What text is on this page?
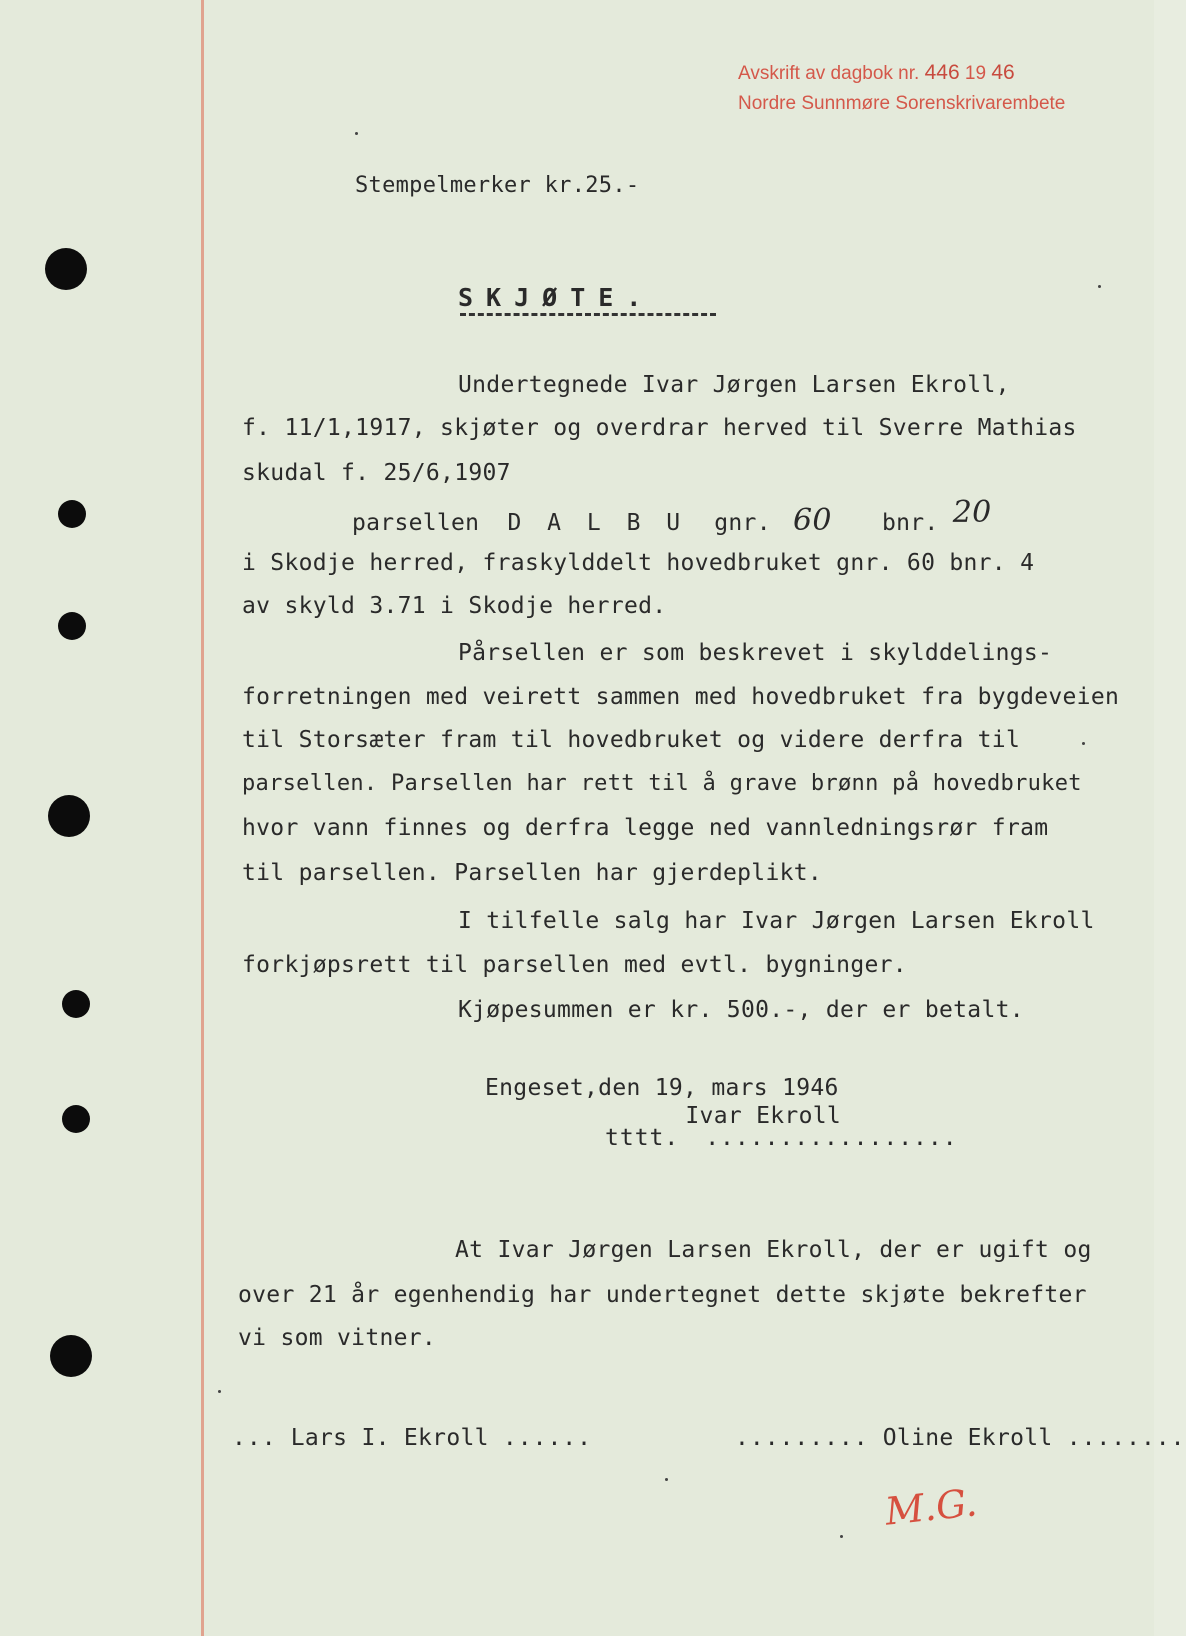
Avskrift av dagbok nr. 446 19 46
Nordre Sunnmøre Sorenskrivarembete
Stempelmerker kr.25.-
SKJØTE.
Undertegnede Ivar Jørgen Larsen Ekroll,
f. 11/1,1917, skjøter og overdrar herved til Sverre Mathias
skudal f. 25/6,1907
parsellen D A L B U gnr. 60 bnr. 20
i Skodje herred, fraskylddelt hovedbruket gnr. 60 bnr. 4
av skyld 3.71 i Skodje herred.
Pårsellen er som beskrevet i skylddelings-
forretningen med veirett sammen med hovedbruket fra bygdeveien
til Storsæter fram til hovedbruket og videre derfra til
parsellen. Parsellen har rett til å grave brønn på hovedbruket
hvor vann finnes og derfra legge ned vannledningsrør fram
til parsellen. Parsellen har gjerdeplikt.
I tilfelle salg har Ivar Jørgen Larsen Ekroll
forkjøpsrett til parsellen med evtl. bygninger.
Kjøpesummen er kr. 500.-, der er betalt.
Engeset,den 19, mars 1946
tttt. Ivar Ekroll .................
At Ivar Jørgen Larsen Ekroll, der er ugift og
over 21 år egenhendig har undertegnet dette skjøte bekrefter
vi som vitner.
... Lars I. Ekroll ......	......... Oline Ekroll ........
M.G.
